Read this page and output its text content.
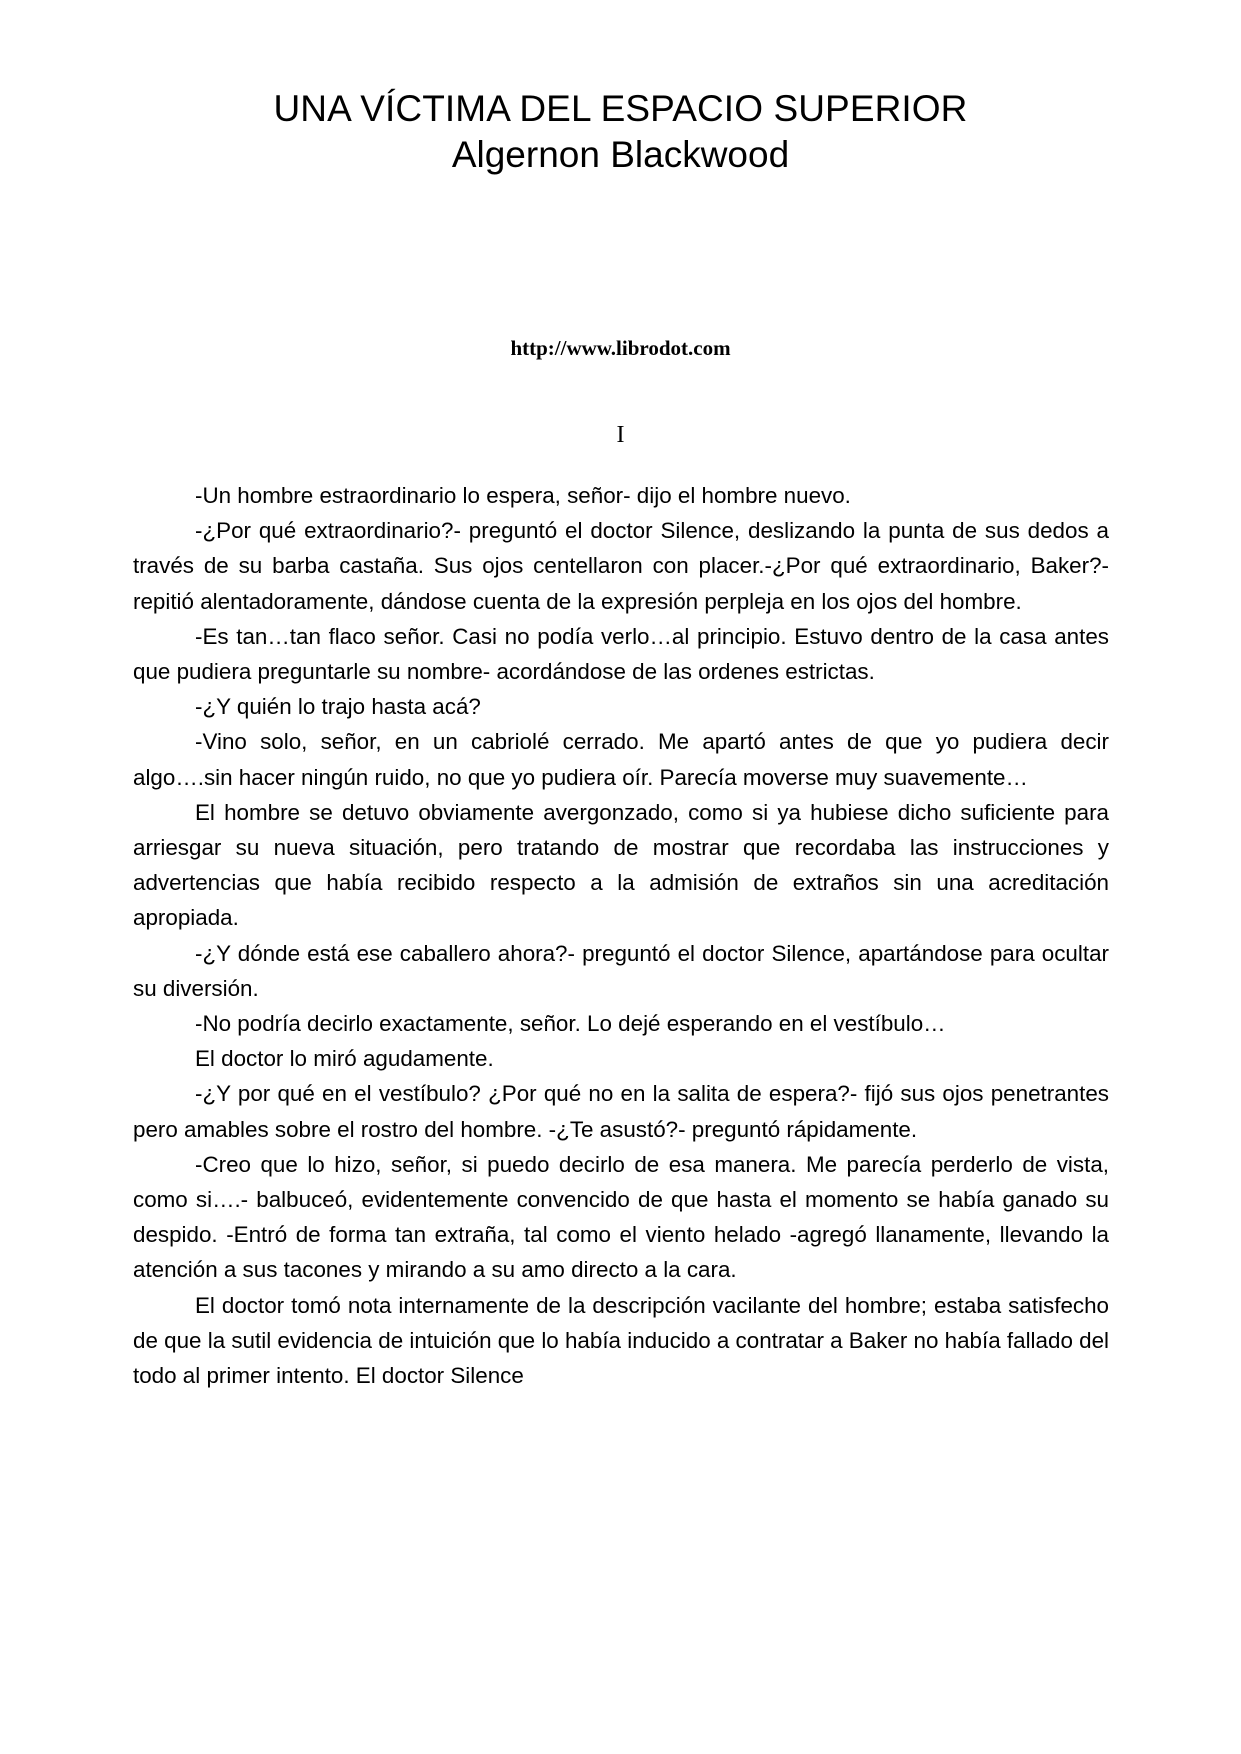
UNA VÍCTIMA DEL ESPACIO SUPERIOR
Algernon Blackwood
http://www.librodot.com
I

-Un hombre estraordinario lo espera, señor- dijo el hombre nuevo.

-¿Por qué extraordinario?- preguntó el doctor Silence, deslizando la punta de sus dedos a través de su barba castaña. Sus ojos centellaron con placer.-¿Por qué extraordinario, Baker?- repitió alentadoramente, dándose cuenta de la expresión perpleja en los ojos del hombre.

-Es tan…tan flaco señor. Casi no podía verlo…al principio. Estuvo dentro de la casa antes que pudiera preguntarle su nombre- acordándose de las ordenes estrictas.

-¿Y quién lo trajo hasta acá?

-Vino solo, señor, en un cabriolé cerrado. Me apartó antes de que yo pudiera decir algo….sin hacer ningún ruido, no que yo pudiera oír. Parecía moverse muy suavemente…

El hombre se detuvo obviamente avergonzado, como si ya hubiese dicho suficiente para arriesgar su nueva situación, pero tratando de mostrar que recordaba las instrucciones y advertencias que había recibido respecto a la admisión de extraños sin una acreditación apropiada.

-¿Y dónde está ese caballero ahora?- preguntó el doctor Silence, apartándose para ocultar su diversión.

-No podría decirlo exactamente, señor. Lo dejé esperando en el vestíbulo…

El doctor lo miró agudamente.

-¿Y por qué en el vestíbulo? ¿Por qué no en la salita de espera?- fijó sus ojos penetrantes pero amables sobre el rostro del hombre. -¿Te asustó?- preguntó rápidamente.

-Creo que lo hizo, señor, si puedo decirlo de esa manera. Me parecía perderlo de vista, como si….- balbuceó, evidentemente convencido de que hasta el momento se había ganado su despido. -Entró de forma tan extraña, tal como el viento helado -agregó llanamente, llevando la atención a sus tacones y mirando a su amo directo a la cara.

El doctor tomó nota internamente de la descripción vacilante del hombre; estaba satisfecho de que la sutil evidencia de intuición que lo había inducido a contratar a Baker no había fallado del todo al primer intento. El doctor Silence
